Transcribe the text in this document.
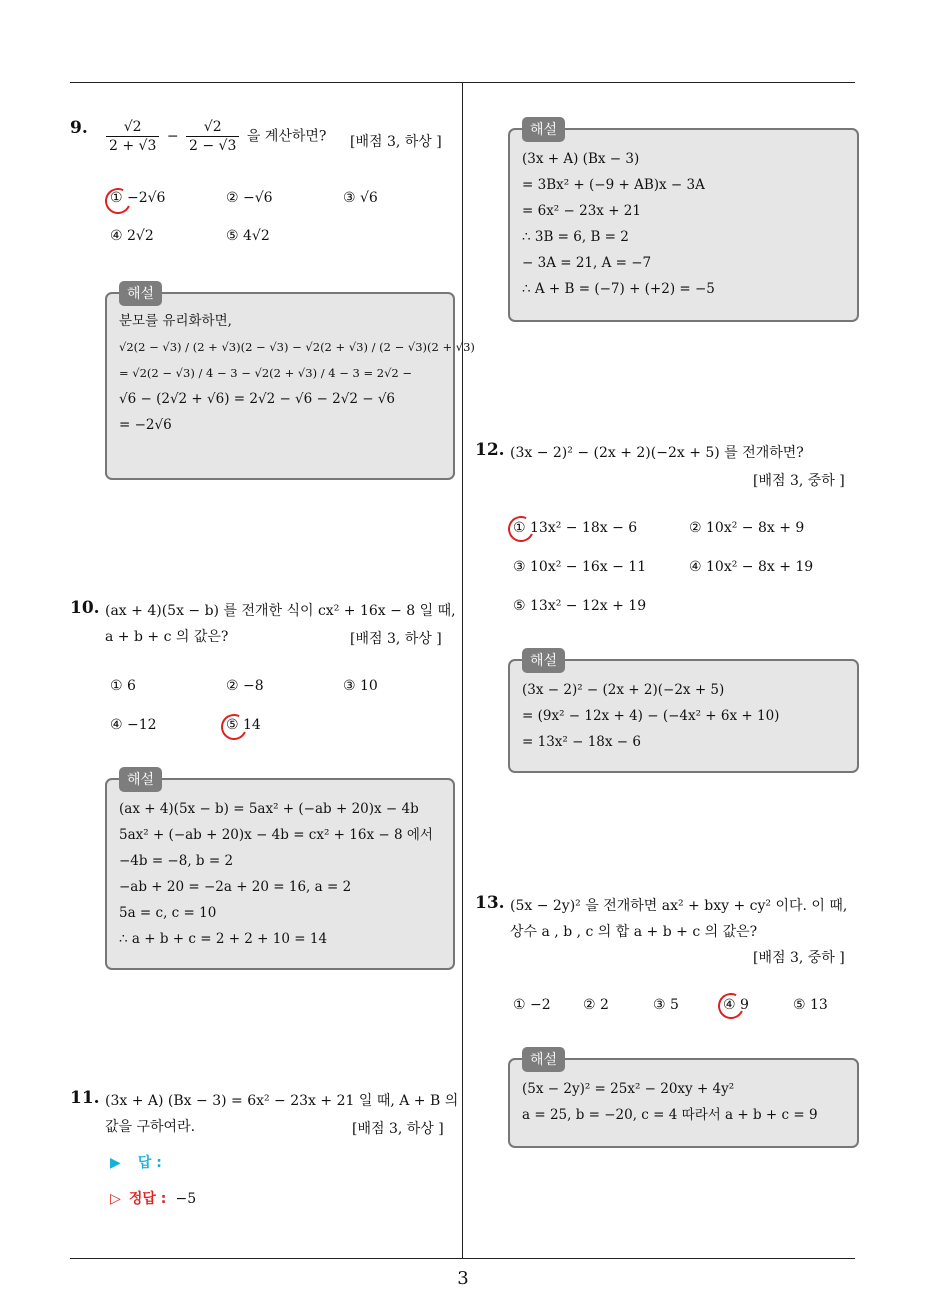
9. $\frac{√2}{2 + √3} - \frac{√2}{2 - √3}$ 을 계산하면? [배점 3, 하상 ]
① −2√6	② −√6	③ √6
④ 2√2	⑤ 4√2
해설
분모를 유리화하면,
√2(2 − √3) / (2 + √3)(2 − √3) − √2(2 + √3) / (2 − √3)(2 + √3)
= √2(2 − √3) / 4 − 3 − √2(2 + √3) / 4 − 3 = 2√2 −
√6 − (2√2 + √6) = 2√2 − √6 − 2√2 − √6
= −2√6
10. (ax + 4)(5x − b) 를 전개한 식이 cx² + 16x − 8 일 때,
a + b + c 의 값은?	[배점 3, 하상 ]
① 6	② −8	③ 10
④ −12	⑤ 14
해설
(ax + 4)(5x − b) = 5ax² + (−ab + 20)x − 4b
5ax² + (−ab + 20)x − 4b = cx² + 16x − 8 에서
−4b = −8, b = 2
−ab + 20 = −2a + 20 = 16, a = 2
5a = c, c = 10
∴ a + b + c = 2 + 2 + 10 = 14
11. (3x + A) (Bx − 3) = 6x² − 23x + 21 일 때, A + B 의
값을 구하여라.	[배점 3, 하상 ]
▶ 답 :
▷ 정답 : −5
해설
(3x + A) (Bx − 3)
= 3Bx² + (−9 + AB)x − 3A
= 6x² − 23x + 21
∴ 3B = 6, B = 2
− 3A = 21, A = −7
∴ A + B = (−7) + (+2) = −5
12. (3x − 2)² − (2x + 2)(−2x + 5) 를 전개하면?
[배점 3, 중하 ]
① 13x² − 18x − 6	② 10x² − 8x + 9
③ 10x² − 16x − 11	④ 10x² − 8x + 19
⑤ 13x² − 12x + 19
해설
(3x − 2)² − (2x + 2)(−2x + 5)
= (9x² − 12x + 4) − (−4x² + 6x + 10)
= 13x² − 18x − 6
13. (5x − 2y)² 을 전개하면 ax² + bxy + cy² 이다. 이 때,
상수 a , b , c 의 합 a + b + c 의 값은?
[배점 3, 중하 ]
① −2 ② 2	③ 5	④ 9	⑤ 13
해설
(5x − 2y)² = 25x² − 20xy + 4y²
a = 25, b = −20, c = 4 따라서 a + b + c = 9
3
